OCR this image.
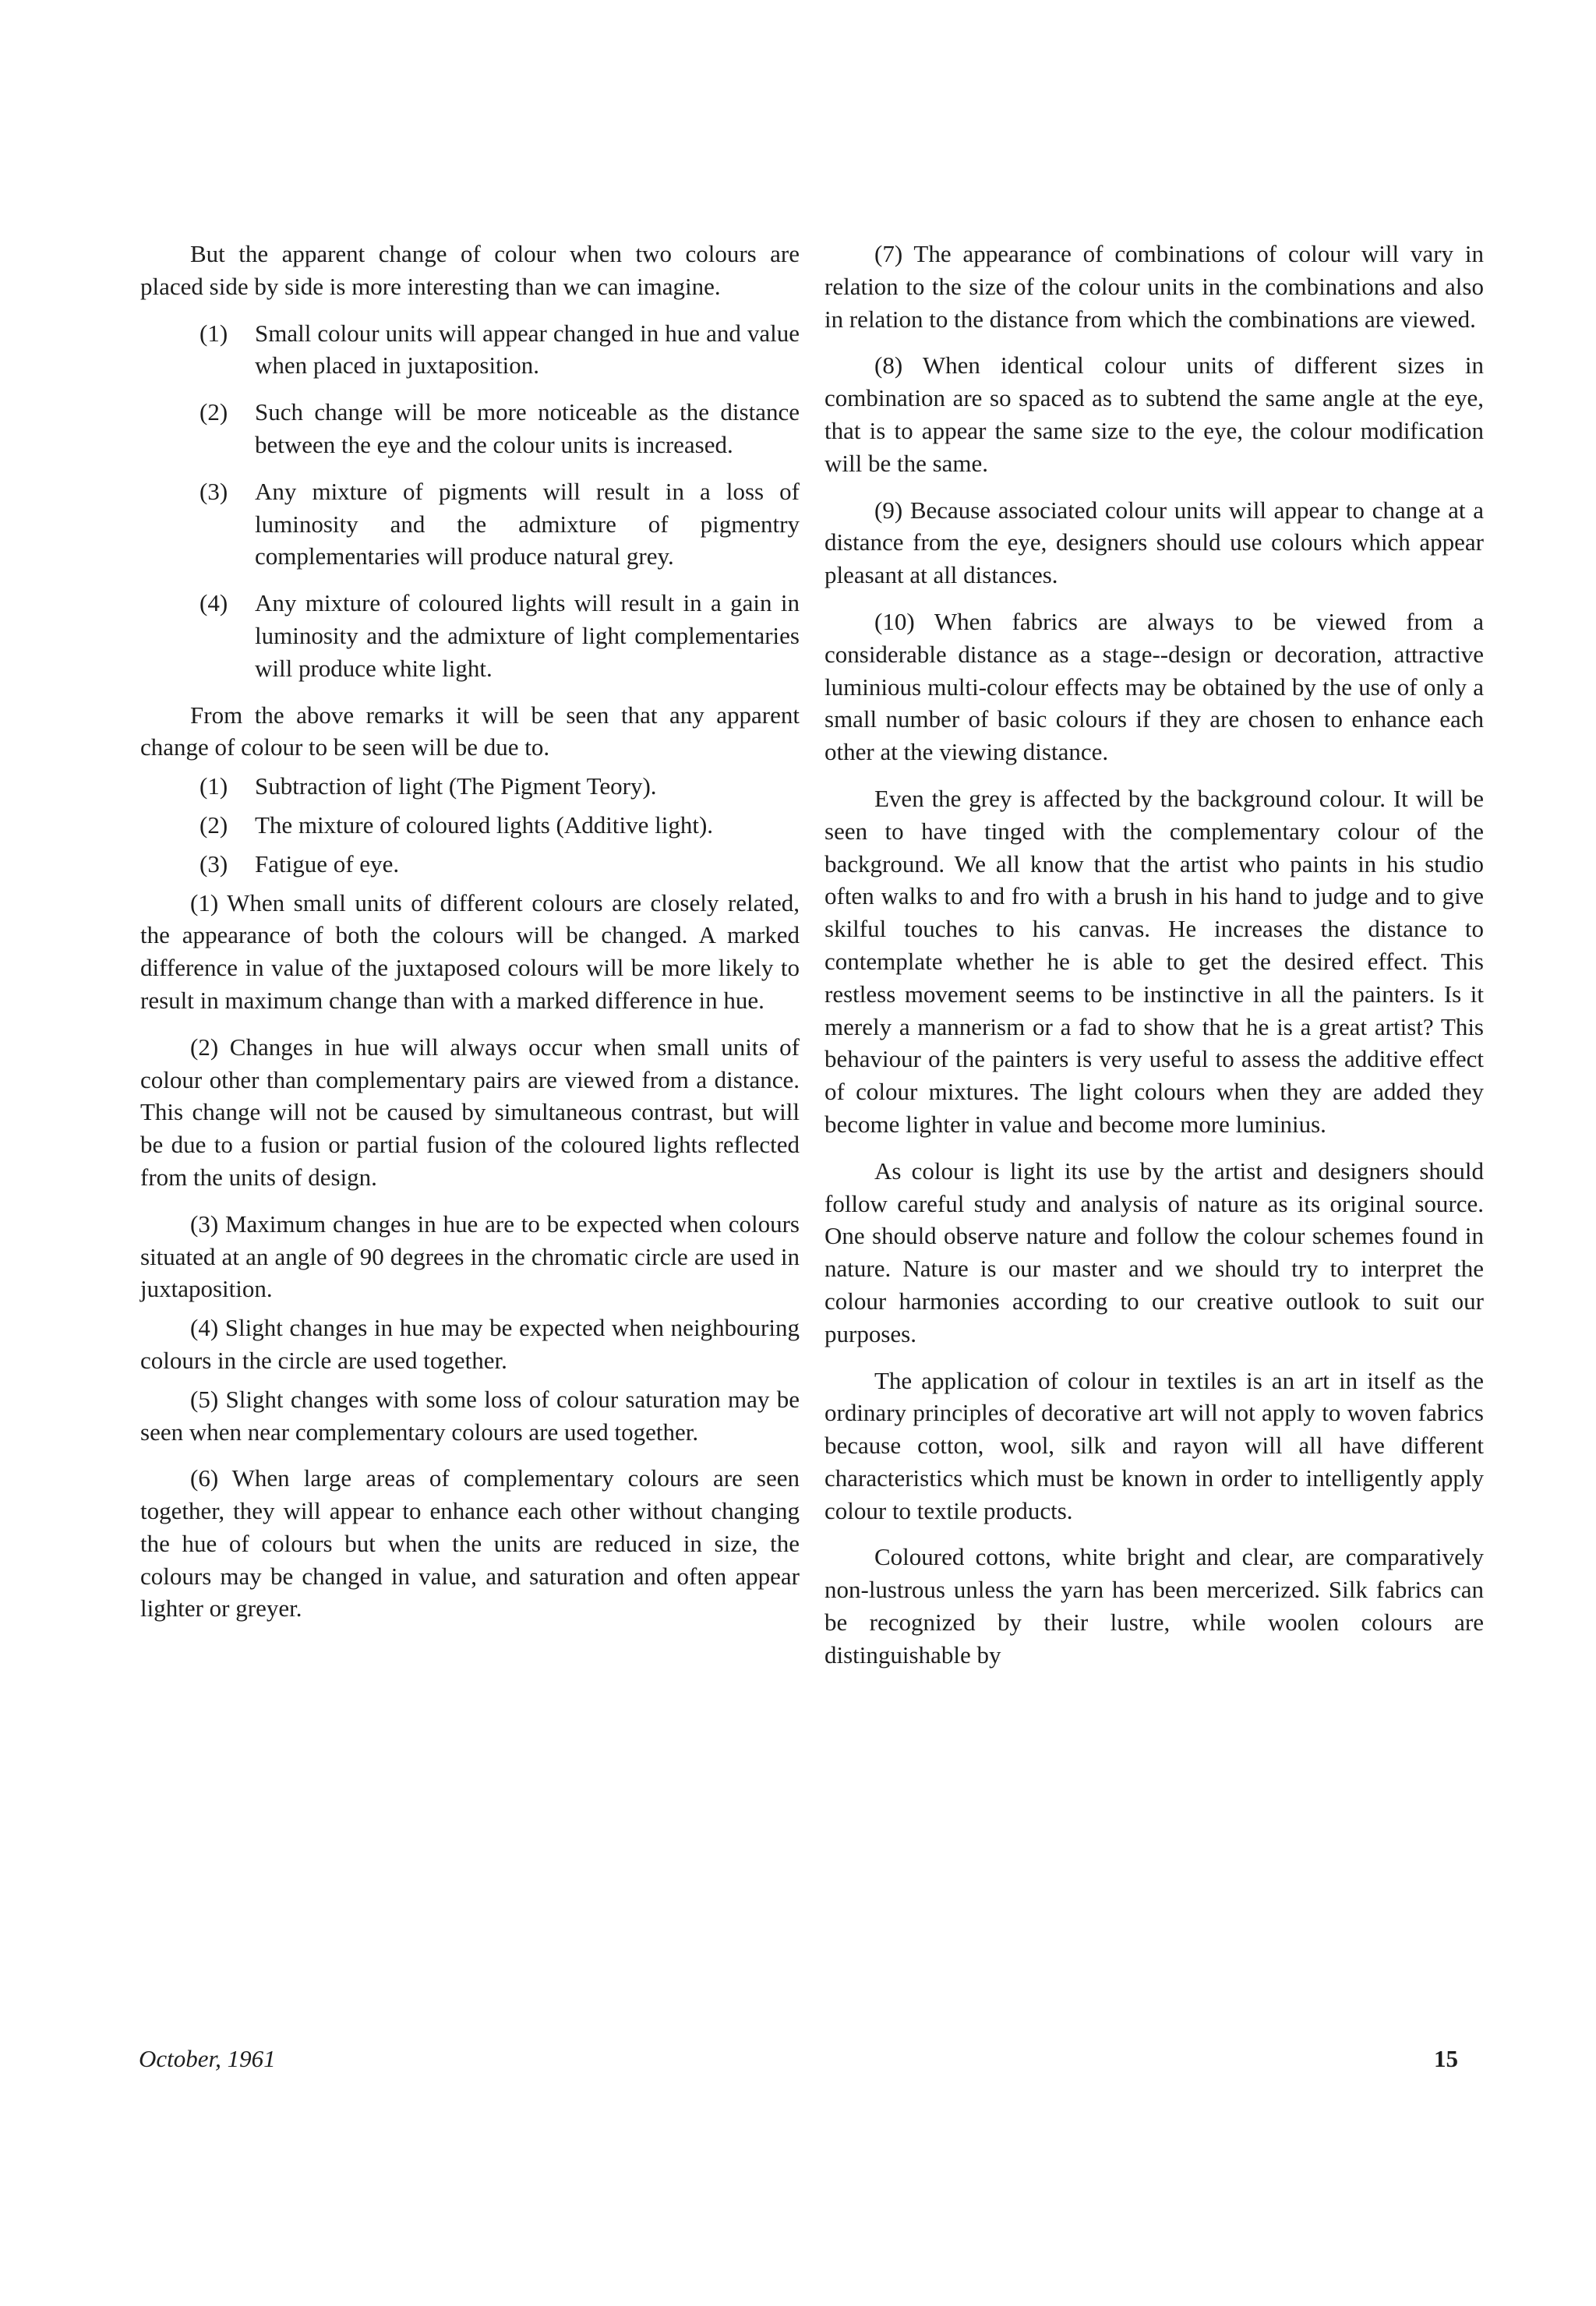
But the apparent change of colour when two colours are placed side by side is more interesting than we can imagine.

(1)	Small colour units will appear changed in hue and value when placed in juxtaposition.
(2)	Such change will be more noticeable as the distance between the eye and the colour units is increased.
(3)	Any mixture of pigments will result in a loss of luminosity and the admixture of pigmentry complementaries will produce natural grey.
(4)	Any mixture of coloured lights will result in a gain in luminosity and the admixture of light complementaries will produce white light.

From the above remarks it will be seen that any apparent change of colour to be seen will be due to.

(1)	Subtraction of light (The Pigment Teory).
(2)	The mixture of coloured lights (Additive light).
(3)	Fatigue of eye.

(1) When small units of different colours are closely related, the appearance of both the colours will be changed. A marked difference in value of the juxtaposed colours will be more likely to result in maximum change than with a marked difference in hue.

(2) Changes in hue will always occur when small units of colour other than complementary pairs are viewed from a distance. This change will not be caused by simultaneous contrast, but will be due to a fusion or partial fusion of the coloured lights reflected from the units of design.

(3) Maximum changes in hue are to be expected when colours situated at an angle of 90 degrees in the chromatic circle are used in juxtaposition.

(4) Slight changes in hue may be expected when neighbouring colours in the circle are used together.

(5) Slight changes with some loss of colour saturation may be seen when near complementary colours are used together.

(6) When large areas of complementary colours are seen together, they will appear to enhance each other without changing the hue of colours but when the units are reduced in size, the colours may be changed in value, and saturation and often appear lighter or greyer.

(7) The appearance of combinations of colour will vary in relation to the size of the colour units in the combinations and also in relation to the distance from which the combinations are viewed.

(8) When identical colour units of different sizes in combination are so spaced as to subtend the same angle at the eye, that is to appear the same size to the eye, the colour modification will be the same.

(9) Because associated colour units will appear to change at a distance from the eye, designers should use colours which appear pleasant at all distances.

(10) When fabrics are always to be viewed from a considerable distance as a stage--design or decoration, attractive luminious multi-colour effects may be obtained by the use of only a small number of basic colours if they are chosen to enhance each other at the viewing distance.

Even the grey is affected by the background colour. It will be seen to have tinged with the complementary colour of the background. We all know that the artist who paints in his studio often walks to and fro with a brush in his hand to judge and to give skilful touches to his canvas. He increases the distance to contemplate whether he is able to get the desired effect. This restless movement seems to be instinctive in all the painters. Is it merely a mannerism or a fad to show that he is a great artist? This behaviour of the painters is very useful to assess the additive effect of colour mixtures. The light colours when they are added they become lighter in value and become more luminius.

As colour is light its use by the artist and designers should follow careful study and analysis of nature as its original source. One should observe nature and follow the colour schemes found in nature. Nature is our master and we should try to interpret the colour harmonies according to our creative outlook to suit our purposes.

The application of colour in textiles is an art in itself as the ordinary principles of decorative art will not apply to woven fabrics because cotton, wool, silk and rayon will all have different characteristics which must be known in order to intelligently apply colour to textile products.

Coloured cottons, white bright and clear, are comparatively non-lustrous unless the yarn has been mercerized. Silk fabrics can be recognized by their lustre, while woolen colours are distinguishable by

October, 1961	15
